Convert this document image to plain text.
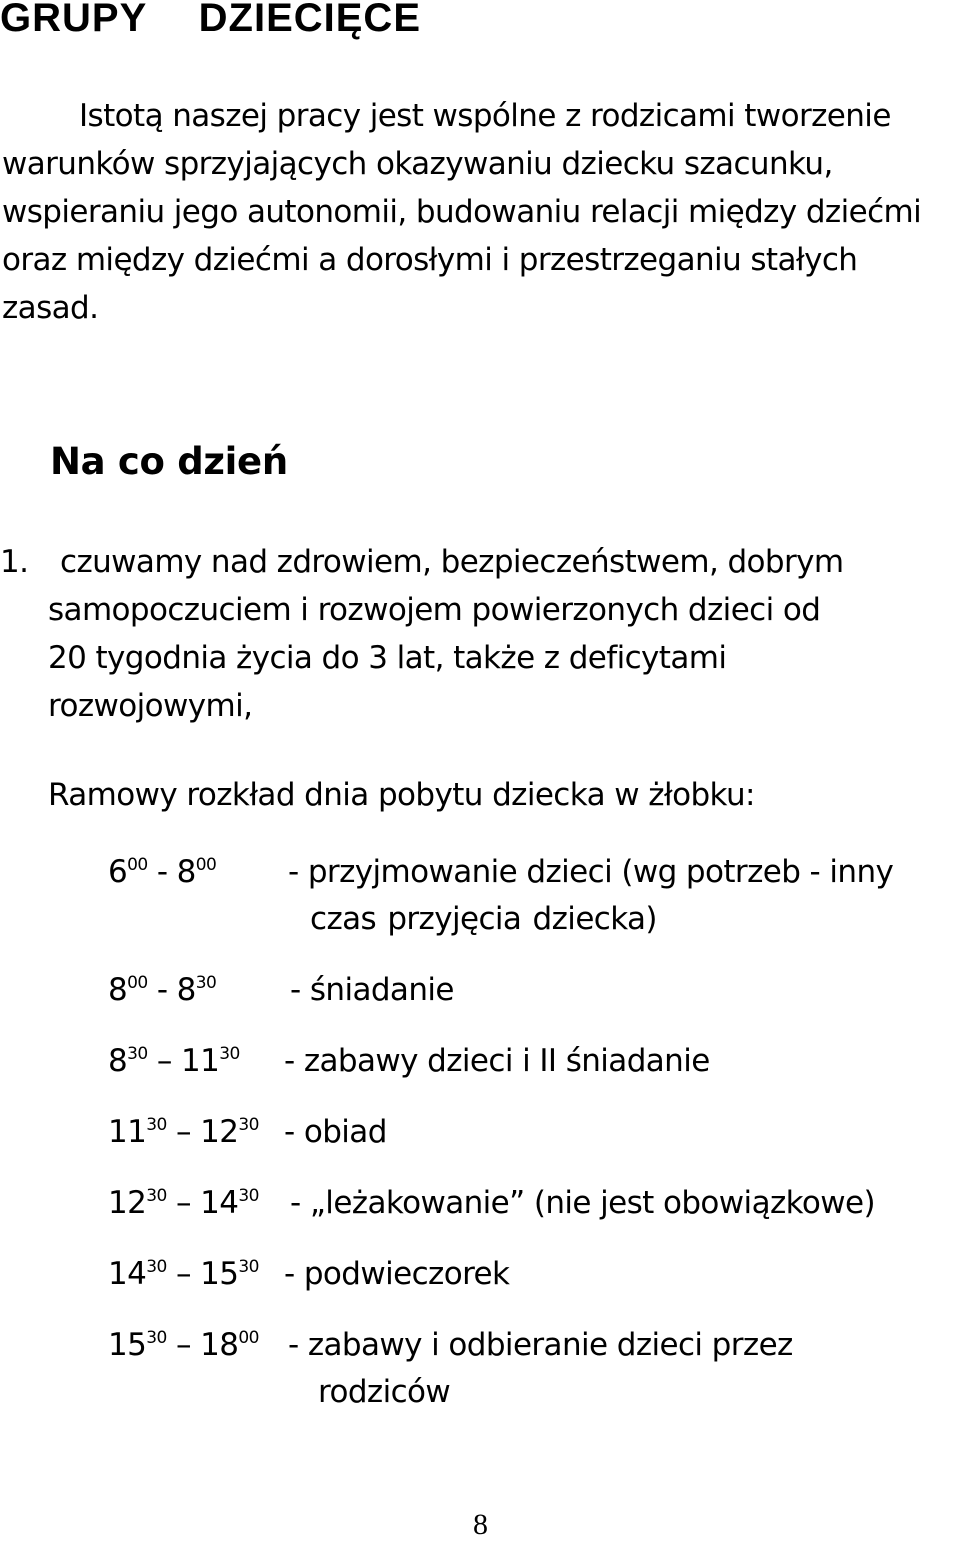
GRUPY DZIECIĘCE
Istotą naszej pracy jest wspólne z rodzicami tworzenie
warunków sprzyjających okazywaniu dziecku szacunku,
wspieraniu jego autonomii, budowaniu relacji między dziećmi
oraz między dziećmi a dorosłymi i przestrzeganiu stałych
zasad.
Na co dzień
1. czuwamy nad zdrowiem, bezpieczeństwem, dobrym
samopoczuciem i rozwojem powierzonych dzieci od
20 tygodnia życia do 3 lat, także z deficytami
rozwojowymi,
Ramowy rozkład dnia pobytu dziecka w żłobku:
$6^{00} - 8^{00}$ - przyjmowanie dzieci (wg potrzeb - inny
czas przyjęcia dziecka)
$8^{00} - 8^{30}$ - śniadanie
$8^{30} - 11^{30}$ - zabawy dzieci i II śniadanie
$11^{30} - 12^{30}$ - obiad
$12^{30} - 14^{30}$ - „leżakowanie” (nie jest obowiązkowe)
$14^{30} - 15^{30}$ - podwieczorek
$15^{30} - 18^{00}$ - zabawy i odbieranie dzieci przez
rodziców
8
